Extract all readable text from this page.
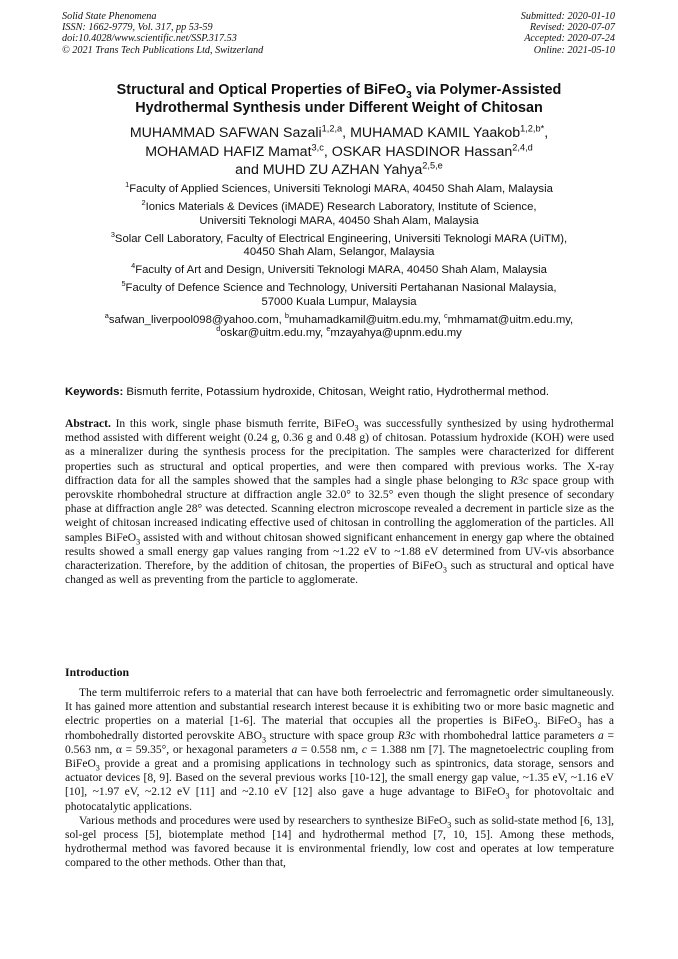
Solid State Phenomena
ISSN: 1662-9779, Vol. 317, pp 53-59
doi:10.4028/www.scientific.net/SSP.317.53
© 2021 Trans Tech Publications Ltd, Switzerland
Submitted: 2020-01-10
Revised: 2020-07-07
Accepted: 2020-07-24
Online: 2021-05-10
Structural and Optical Properties of BiFeO$_3$ via Polymer-Assisted
Hydrothermal Synthesis under Different Weight of Chitosan
MUHAMMAD SAFWAN Sazali$^{1,2,a}$, MUHAMAD KAMIL Yaakob$^{1,2,b*}$,
MOHAMAD HAFIZ Mamat$^{3,c}$, OSKAR HASDINOR Hassan$^{2,4,d}$
and MUHD ZU AZHAN Yahya$^{2,5,e}$
$^1$Faculty of Applied Sciences, Universiti Teknologi MARA, 40450 Shah Alam, Malaysia
$^2$Ionics Materials & Devices (iMADE) Research Laboratory, Institute of Science,
Universiti Teknologi MARA, 40450 Shah Alam, Malaysia
$^3$Solar Cell Laboratory, Faculty of Electrical Engineering, Universiti Teknologi MARA (UiTM),
40450 Shah Alam, Selangor, Malaysia
$^4$Faculty of Art and Design, Universiti Teknologi MARA, 40450 Shah Alam, Malaysia
$^5$Faculty of Defence Science and Technology, Universiti Pertahanan Nasional Malaysia,
57000 Kuala Lumpur, Malaysia
$^a$safwan_liverpool098@yahoo.com, $^b$muhamadkamil@uitm.edu.my, $^c$mhmamat@uitm.edu.my,
$^d$oskar@uitm.edu.my, $^e$mzayahya@upnm.edu.my
Keywords: Bismuth ferrite, Potassium hydroxide, Chitosan, Weight ratio, Hydrothermal method.
Abstract. In this work, single phase bismuth ferrite, BiFeO$_3$ was successfully synthesized by using hydrothermal method assisted with different weight (0.24 g, 0.36 g and 0.48 g) of chitosan. Potassium hydroxide (KOH) were used as a mineralizer during the synthesis process for the precipitation. The samples were characterized for different properties such as structural and optical properties, and were then compared with previous works. The X-ray diffraction data for all the samples showed that the samples had a single phase belonging to R3c space group with perovskite rhombohedral structure at diffraction angle 32.0° to 32.5° even though the slight presence of secondary phase at diffraction angle 28° was detected. Scanning electron microscope revealed a decrement in particle size as the weight of chitosan increased indicating effective used of chitosan in controlling the agglomeration of the particles. All samples BiFeO$_3$ assisted with and without chitosan showed significant enhancement in energy gap where the obtained results showed a small energy gap values ranging from ~1.22 eV to ~1.88 eV determined from UV-vis absorbance characterization. Therefore, by the addition of chitosan, the properties of BiFeO$_3$ such as structural and optical have changed as well as preventing from the particle to agglomerate.
Introduction

The term multiferroic refers to a material that can have both ferroelectric and ferromagnetic order simultaneously. It has gained more attention and substantial research interest because it is exhibiting two or more basic magnetic and electric properties on a material [1-6]. The material that occupies all the properties is BiFeO$_3$. BiFeO$_3$ has a rhombohedrally distorted perovskite $ABO_3$ structure with space group R3c with rhombohedral lattice parameters a = 0.563 nm, α = 59.35°, or hexagonal parameters a = 0.558 nm, c = 1.388 nm [7]. The magnetoelectric coupling from BiFeO$_3$ provide a great and a promising applications in technology such as spintronics, data storage, sensors and actuator devices [8, 9]. Based on the several previous works [10-12], the small energy gap value, ~1.35 eV, ~1.16 eV [10], ~1.97 eV, ~2.12 eV [11] and ~2.10 eV [12] also gave a huge advantage to BiFeO$_3$ for photovoltaic and photocatalytic applications.

Various methods and procedures were used by researchers to synthesize BiFeO$_3$ such as solid-state method [6, 13], sol-gel process [5], biotemplate method [14] and hydrothermal method [7, 10, 15]. Among these methods, hydrothermal method was favored because it is environmental friendly, low cost and operates at low temperature compared to the other methods. Other than that,
